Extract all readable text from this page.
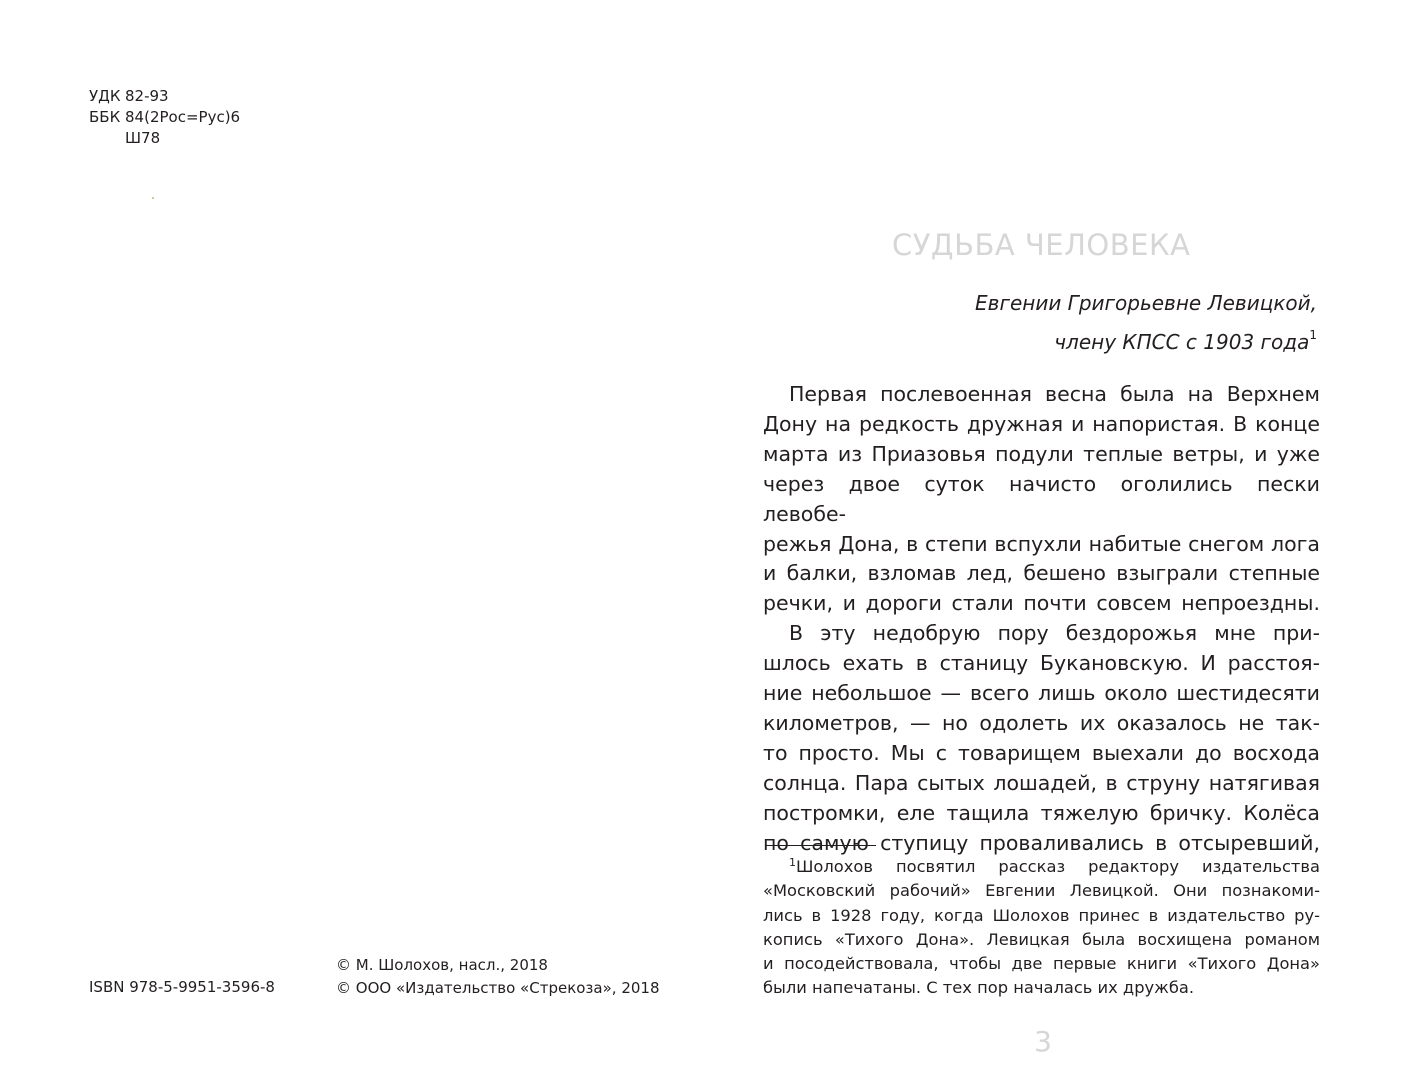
УДК 82-93
ББК 84(2Рос=Рус)6
Ш78
ISBN 978-5-9951-3596-8
© М. Шолохов, насл., 2018
© ООО «Издательство «Стрекоза», 2018
СУДЬБА ЧЕЛОВЕКА
Евгении Григорьевне Левицкой,
члену КПСС с 1903 года$^1$
Первая послевоенная весна была на Верхнем
Дону на редкость дружная и напористая. В конце
марта из Приазовья подули теплые ветры, и уже
через двое суток начисто оголились пески левобе-
режья Дона, в степи вспухли набитые снегом лога
и балки, взломав лед, бешено взыграли степные
речки, и дороги стали почти совсем непроездны.
В эту недобрую пору бездорожья мне при-
шлось ехать в станицу Букановскую. И расстоя-
ние небольшое — всего лишь около шестидесяти
километров, — но одолеть их оказалось не так-
то просто. Мы с товарищем выехали до восхода
солнца. Пара сытых лошадей, в струну натягивая
постромки, еле тащила тяжелую бричку. Колёса
по самую ступицу проваливались в отсыревший,
$^1$Шолохов посвятил рассказ редактору издательства
«Московский рабочий» Евгении Левицкой. Они познакоми-
лись в 1928 году, когда Шолохов принес в издательство ру-
копись «Тихого Дона». Левицкая была восхищена романом
и посодействовала, чтобы две первые книги «Тихого Дона»
были напечатаны. С тех пор началась их дружба.
3
